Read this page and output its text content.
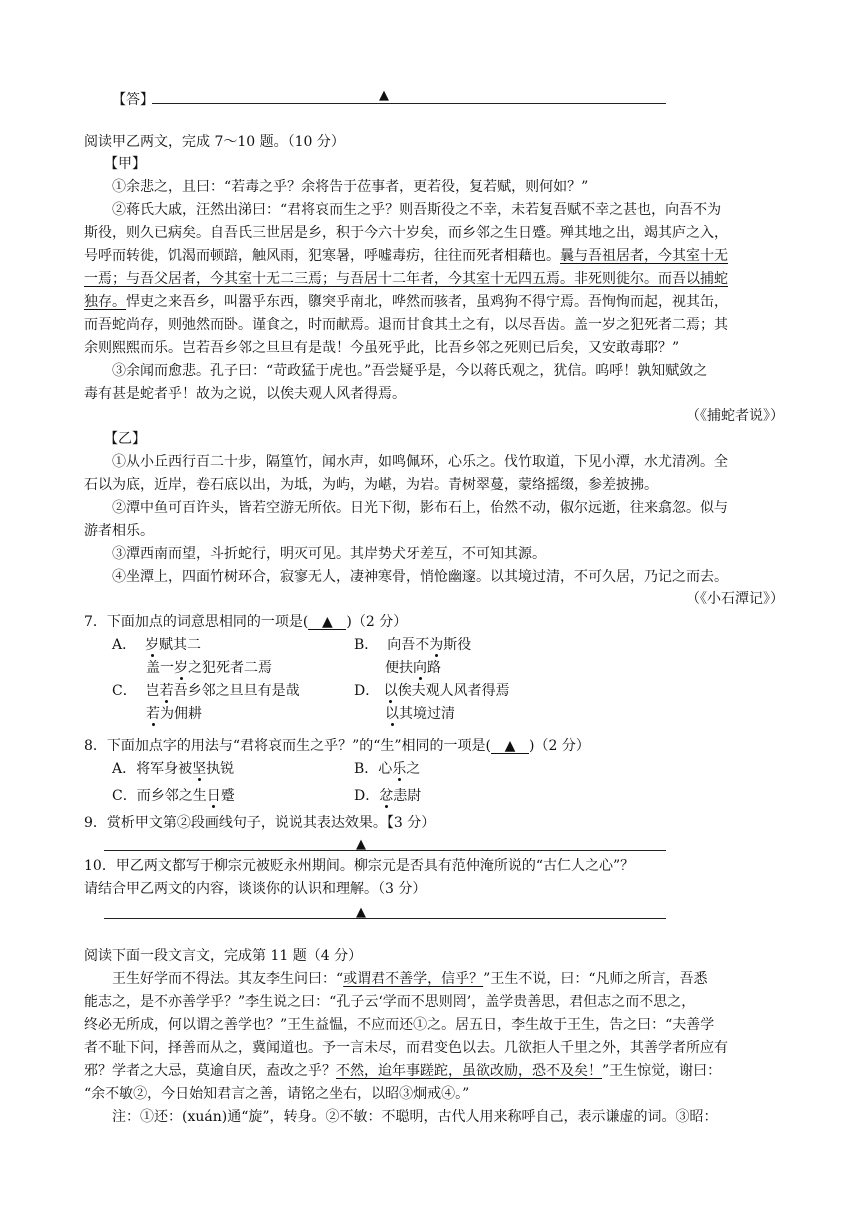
【答】	▲
阅读甲乙两文，完成 7～10 题。（10 分）
【甲】
①余悲之，且曰：“若毒之乎？余将告于莅事者，更若役，复若赋，则何如？”
②蒋氏大戚，汪然出涕曰：“君将哀而生之乎？则吾斯役之不幸，未若复吾赋不幸之甚也，向吾不为
斯役，则久已病矣。自吾氏三世居是乡，积于今六十岁矣，而乡邻之生日蹙。殚其地之出，竭其庐之入，
号呼而转徙，饥渴而顿踣，触风雨，犯寒暑，呼嘘毒疠，往往而死者相藉也。曩与吾祖居者，今其室十无
一焉；与吾父居者，今其室十无二三焉；与吾居十二年者，今其室十无四五焉。非死则徙尔。而吾以捕蛇
独存。悍吏之来吾乡，叫嚣乎东西，隳突乎南北，哗然而骇者，虽鸡狗不得宁焉。吾恂恂而起，视其缶，
而吾蛇尚存，则弛然而卧。谨食之，时而献焉。退而甘食其土之有，以尽吾齿。盖一岁之犯死者二焉；其
余则熙熙而乐。岂若吾乡邻之旦旦有是哉！今虽死乎此，比吾乡邻之死则已后矣，又安敢毒耶？”
③余闻而愈悲。孔子曰：“苛政猛于虎也。”吾尝疑乎是，今以蒋氏观之，犹信。呜呼！孰知赋敛之
毒有甚是蛇者乎！故为之说，以俟夫观人风者得焉。
（《捕蛇者说》）
【乙】
①从小丘西行百二十步，隔篁竹，闻水声，如鸣佩环，心乐之。伐竹取道，下见小潭，水尤清冽。全
石以为底，近岸，卷石底以出，为坻，为屿，为嵁，为岩。青树翠蔓，蒙络摇缀，参差披拂。
②潭中鱼可百许头，皆若空游无所依。日光下彻，影布石上，佁然不动，俶尔远逝，往来翕忽。似与
游者相乐。
③潭西南而望，斗折蛇行，明灭可见。其岸势犬牙差互，不可知其源。
④坐潭上，四面竹树环合，寂寥无人，凄神寒骨，悄怆幽邃。以其境过清，不可久居，乃记之而去。
（《小石潭记》）
7．下面加点的词意思相同的一项是( ▲ )（2 分）
A． 岁赋其二
盖一岁之犯死者二焉
B． 向吾不为斯役
便扶向路
C． 岂若吾乡邻之旦旦有是哉
若为佣耕
D． 以俟夫观人风者得焉
以其境过清
8．下面加点字的用法与“君将哀而生之乎？”的“生”相同的一项是( ▲ )（2 分）
A．将军身被坚执锐	B．心乐之
C．而乡邻之生日蹙	D．忿恚尉
9．赏析甲文第②段画线句子，说说其表达效果。【3 分）
▲
10．甲乙两文都写于柳宗元被贬永州期间。柳宗元是否具有范仲淹所说的“古仁人之心”？
请结合甲乙两文的内容，谈谈你的认识和理解。（3 分）
▲
阅读下面一段文言文，完成第 11 题（4 分）
王生好学而不得法。其友李生问曰：“或谓君不善学，信乎？”王生不说，曰：“凡师之所言，吾悉
能志之，是不亦善学乎？”李生说之曰：“孔子云‘学而不思则罔’，盖学贵善思，君但志之而不思之，
终必无所成，何以谓之善学也？”王生益愠，不应而还①之。居五日，李生故于王生，告之曰：“夫善学
者不耻下问，择善而从之，冀闻道也。予一言未尽，而君变色以去。几欲拒人千里之外，其善学者所应有
邪？学者之大忌，莫逾自厌，盍改之乎？不然，迨年事蹉跎，虽欲改励，恐不及矣！”王生惊觉，谢曰：
“余不敏②，今日始知君言之善，请铭之坐右，以昭③炯戒④。”
注：①还：(xuán)通“旋”，转身。②不敏：不聪明，古代人用来称呼自己，表示谦虚的词。③昭：
